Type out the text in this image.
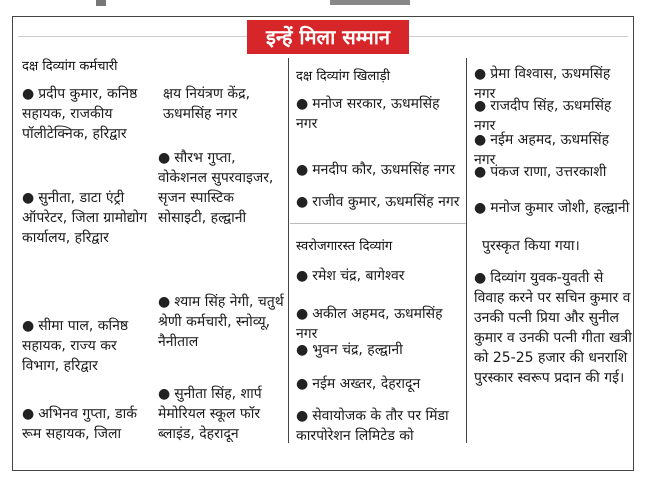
इन्हें मिला सम्मान
दक्ष दिव्यांग कर्मचारी
● प्रदीप कुमार, कनिष्ठ सहायक, राजकीय पॉलीटेक्निक, हरिद्वार
● सुनीता, डाटा एंट्री ऑपरेटर, जिला ग्रामोद्योग कार्यालय, हरिद्वार
● सीमा पाल, कनिष्ठ सहायक, राज्य कर विभाग, हरिद्वार
● अभिनव गुप्ता, डार्क रूम सहायक, जिला
क्षय नियंत्रण केंद्र, ऊधमसिंह नगर
● सौरभ गुप्ता, वोकेशनल सुपरवाइजर, सृजन स्पास्टिक सोसाइटी, हल्द्वानी
● श्याम सिंह नेगी, चतुर्थ श्रेणी कर्मचारी, स्नोव्यू, नैनीताल
● सुनीता सिंह, शार्प मेमोरियल स्कूल फॉर ब्लाइंड, देहरादून
दक्ष दिव्यांग खिलाड़ी
● मनोज सरकार, ऊधमसिंह नगर
● मनदीप कौर, ऊधमसिंह नगर
● राजीव कुमार, ऊधमसिंह नगर
स्वरोजगारस्त दिव्यांग
● रमेश चंद्र, बागेश्वर
● अकील अहमद, ऊधमसिंह नगर
● भुवन चंद्र, हल्द्वानी
● नईम अख्तर, देहरादून
● सेवायोजक के तौर पर मिंडा कारपोरेशन लिमिटेड को
● प्रेमा विश्वास, ऊधमसिंह नगर
● राजदीप सिंह, ऊधमसिंह नगर
● नईम अहमद, ऊधमसिंह नगर
● पंकज राणा, उत्तरकाशी
● मनोज कुमार जोशी, हल्द्वानी
पुरस्कृत किया गया।
● दिव्यांग युवक-युवती से विवाह करने पर सचिन कुमार व उनकी पत्नी प्रिया और सुनील कुमार व उनकी पत्नी गीता खत्री को 25-25 हजार की धनराशि पुरस्कार स्वरूप प्रदान की गई।
